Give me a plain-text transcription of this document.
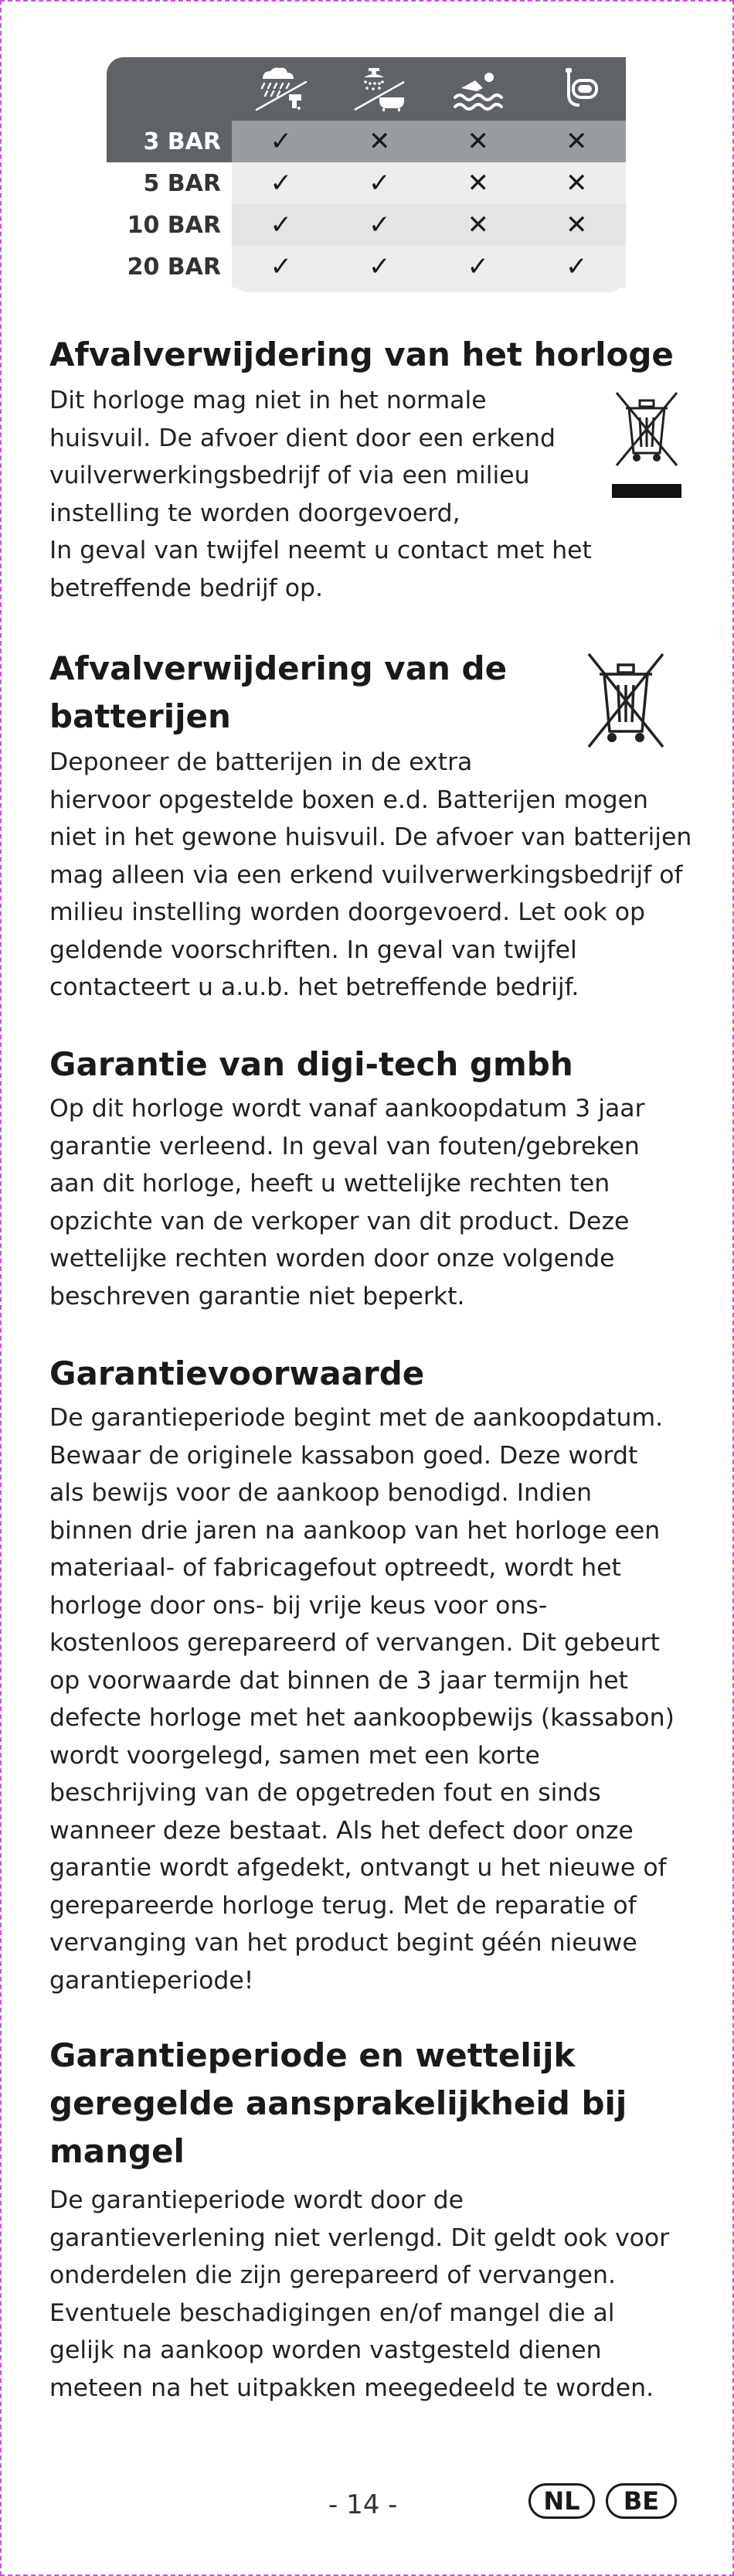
3 BAR	✓	✕	✕	✕
5 BAR	✓	✓	✕	✕
10 BAR	✓	✓	✕	✕
20 BAR	✓	✓	✓	✓
Afvalverwijdering van het horloge
Dit horloge mag niet in het normale
huisvuil. De afvoer dient door een erkend
vuilverwerkingsbedrijf of via een milieu
instelling te worden doorgevoerd,
In geval van twijfel neemt u contact met het
betreffende bedrijf op.
Afvalverwijdering van de
batterijen
Deponeer de batterijen in de extra
hiervoor opgestelde boxen e.d. Batterijen mogen
niet in het gewone huisvuil. De afvoer van batterijen
mag alleen via een erkend vuilverwerkingsbedrijf of
milieu instelling worden doorgevoerd. Let ook op
geldende voorschriften. In geval van twijfel
contacteert u a.u.b. het betreffende bedrijf.
Garantie van digi-tech gmbh
Op dit horloge wordt vanaf aankoopdatum 3 jaar
garantie verleend. In geval van fouten/gebreken
aan dit horloge, heeft u wettelijke rechten ten
opzichte van de verkoper van dit product. Deze
wettelijke rechten worden door onze volgende
beschreven garantie niet beperkt.
Garantievoorwaarde
De garantieperiode begint met de aankoopdatum.
Bewaar de originele kassabon goed. Deze wordt
als bewijs voor de aankoop benodigd. Indien
binnen drie jaren na aankoop van het horloge een
materiaal- of fabricagefout optreedt, wordt het
horloge door ons- bij vrije keus voor ons-
kostenloos gerepareerd of vervangen. Dit gebeurt
op voorwaarde dat binnen de 3 jaar termijn het
defecte horloge met het aankoopbewijs (kassabon)
wordt voorgelegd, samen met een korte
beschrijving van de opgetreden fout en sinds
wanneer deze bestaat. Als het defect door onze
garantie wordt afgedekt, ontvangt u het nieuwe of
gerepareerde horloge terug. Met de reparatie of
vervanging van het product begint géén nieuwe
garantieperiode!
Garantieperiode en wettelijk
geregelde aansprakelijkheid bij
mangel
De garantieperiode wordt door de
garantieverlening niet verlengd. Dit geldt ook voor
onderdelen die zijn gerepareerd of vervangen.
Eventuele beschadigingen en/of mangel die al
gelijk na aankoop worden vastgesteld dienen
meteen na het uitpakken meegedeeld te worden.
- 14 -	NL	BE
